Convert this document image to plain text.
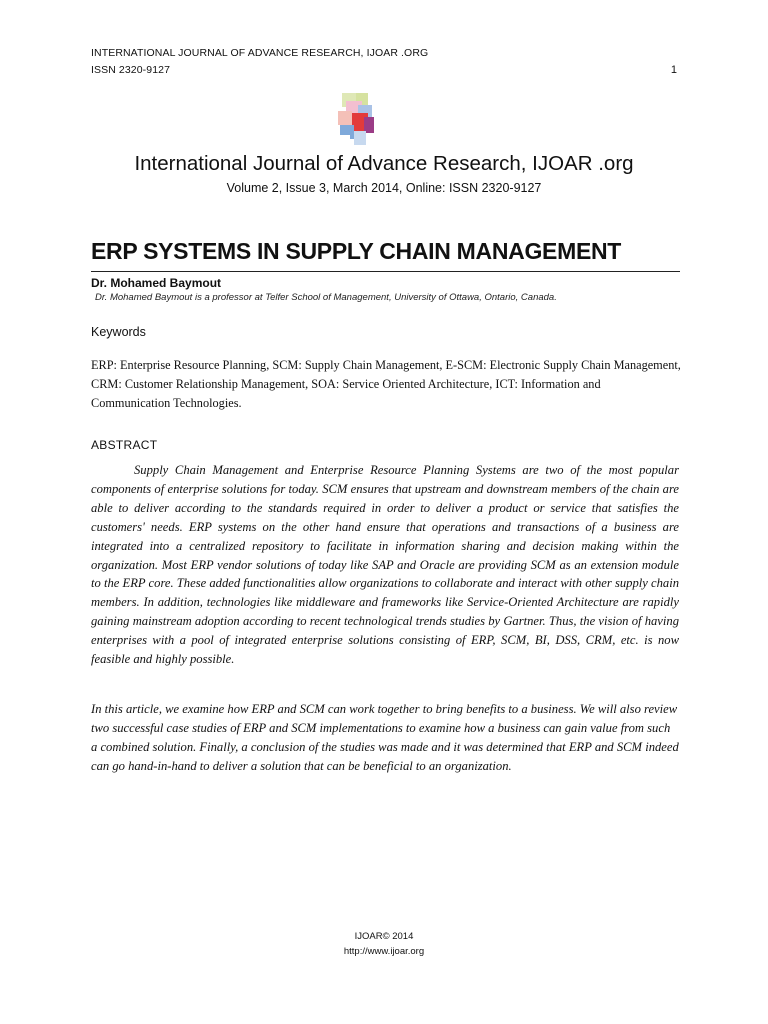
INTERNATIONAL JOURNAL OF ADVANCE RESEARCH, IJOAR .ORG
ISSN 2320-9127	1
International Journal of Advance Research, IJOAR .org
Volume 2, Issue 3, March 2014, Online: ISSN 2320-9127
ERP SYSTEMS IN SUPPLY CHAIN MANAGEMENT
Dr. Mohamed Baymout
Dr. Mohamed Baymout is a professor at Telfer School of Management, University of Ottawa, Ontario, Canada.
Keywords
ERP: Enterprise Resource Planning, SCM: Supply Chain Management, E-SCM: Electronic Supply Chain Management, CRM: Customer Relationship Management, SOA: Service Oriented Architecture, ICT: Information and Communication Technologies.
ABSTRACT
Supply Chain Management and Enterprise Resource Planning Systems are two of the most popular components of enterprise solutions for today. SCM ensures that upstream and downstream members of the chain are able to deliver according to the standards required in order to deliver a product or service that satisfies the customers' needs. ERP systems on the other hand ensure that operations and transactions of a business are integrated into a centralized repository to facilitate in information sharing and decision making within the organization. Most ERP vendor solutions of today like SAP and Oracle are providing SCM as an extension module to the ERP core. These added functionalities allow organizations to collaborate and interact with other supply chain members. In addition, technologies like middleware and frameworks like Service-Oriented Architecture are rapidly gaining mainstream adoption according to recent technological trends studies by Gartner. Thus, the vision of having enterprises with a pool of integrated enterprise solutions consisting of ERP, SCM, BI, DSS, CRM, etc. is now feasible and highly possible.
In this article, we examine how ERP and SCM can work together to bring benefits to a business. We will also review two successful case studies of ERP and SCM implementations to examine how a business can gain value from such a combined solution. Finally, a conclusion of the studies was made and it was determined that ERP and SCM indeed can go hand-in-hand to deliver a solution that can be beneficial to an organization.
IJOAR© 2014
http://www.ijoar.org
